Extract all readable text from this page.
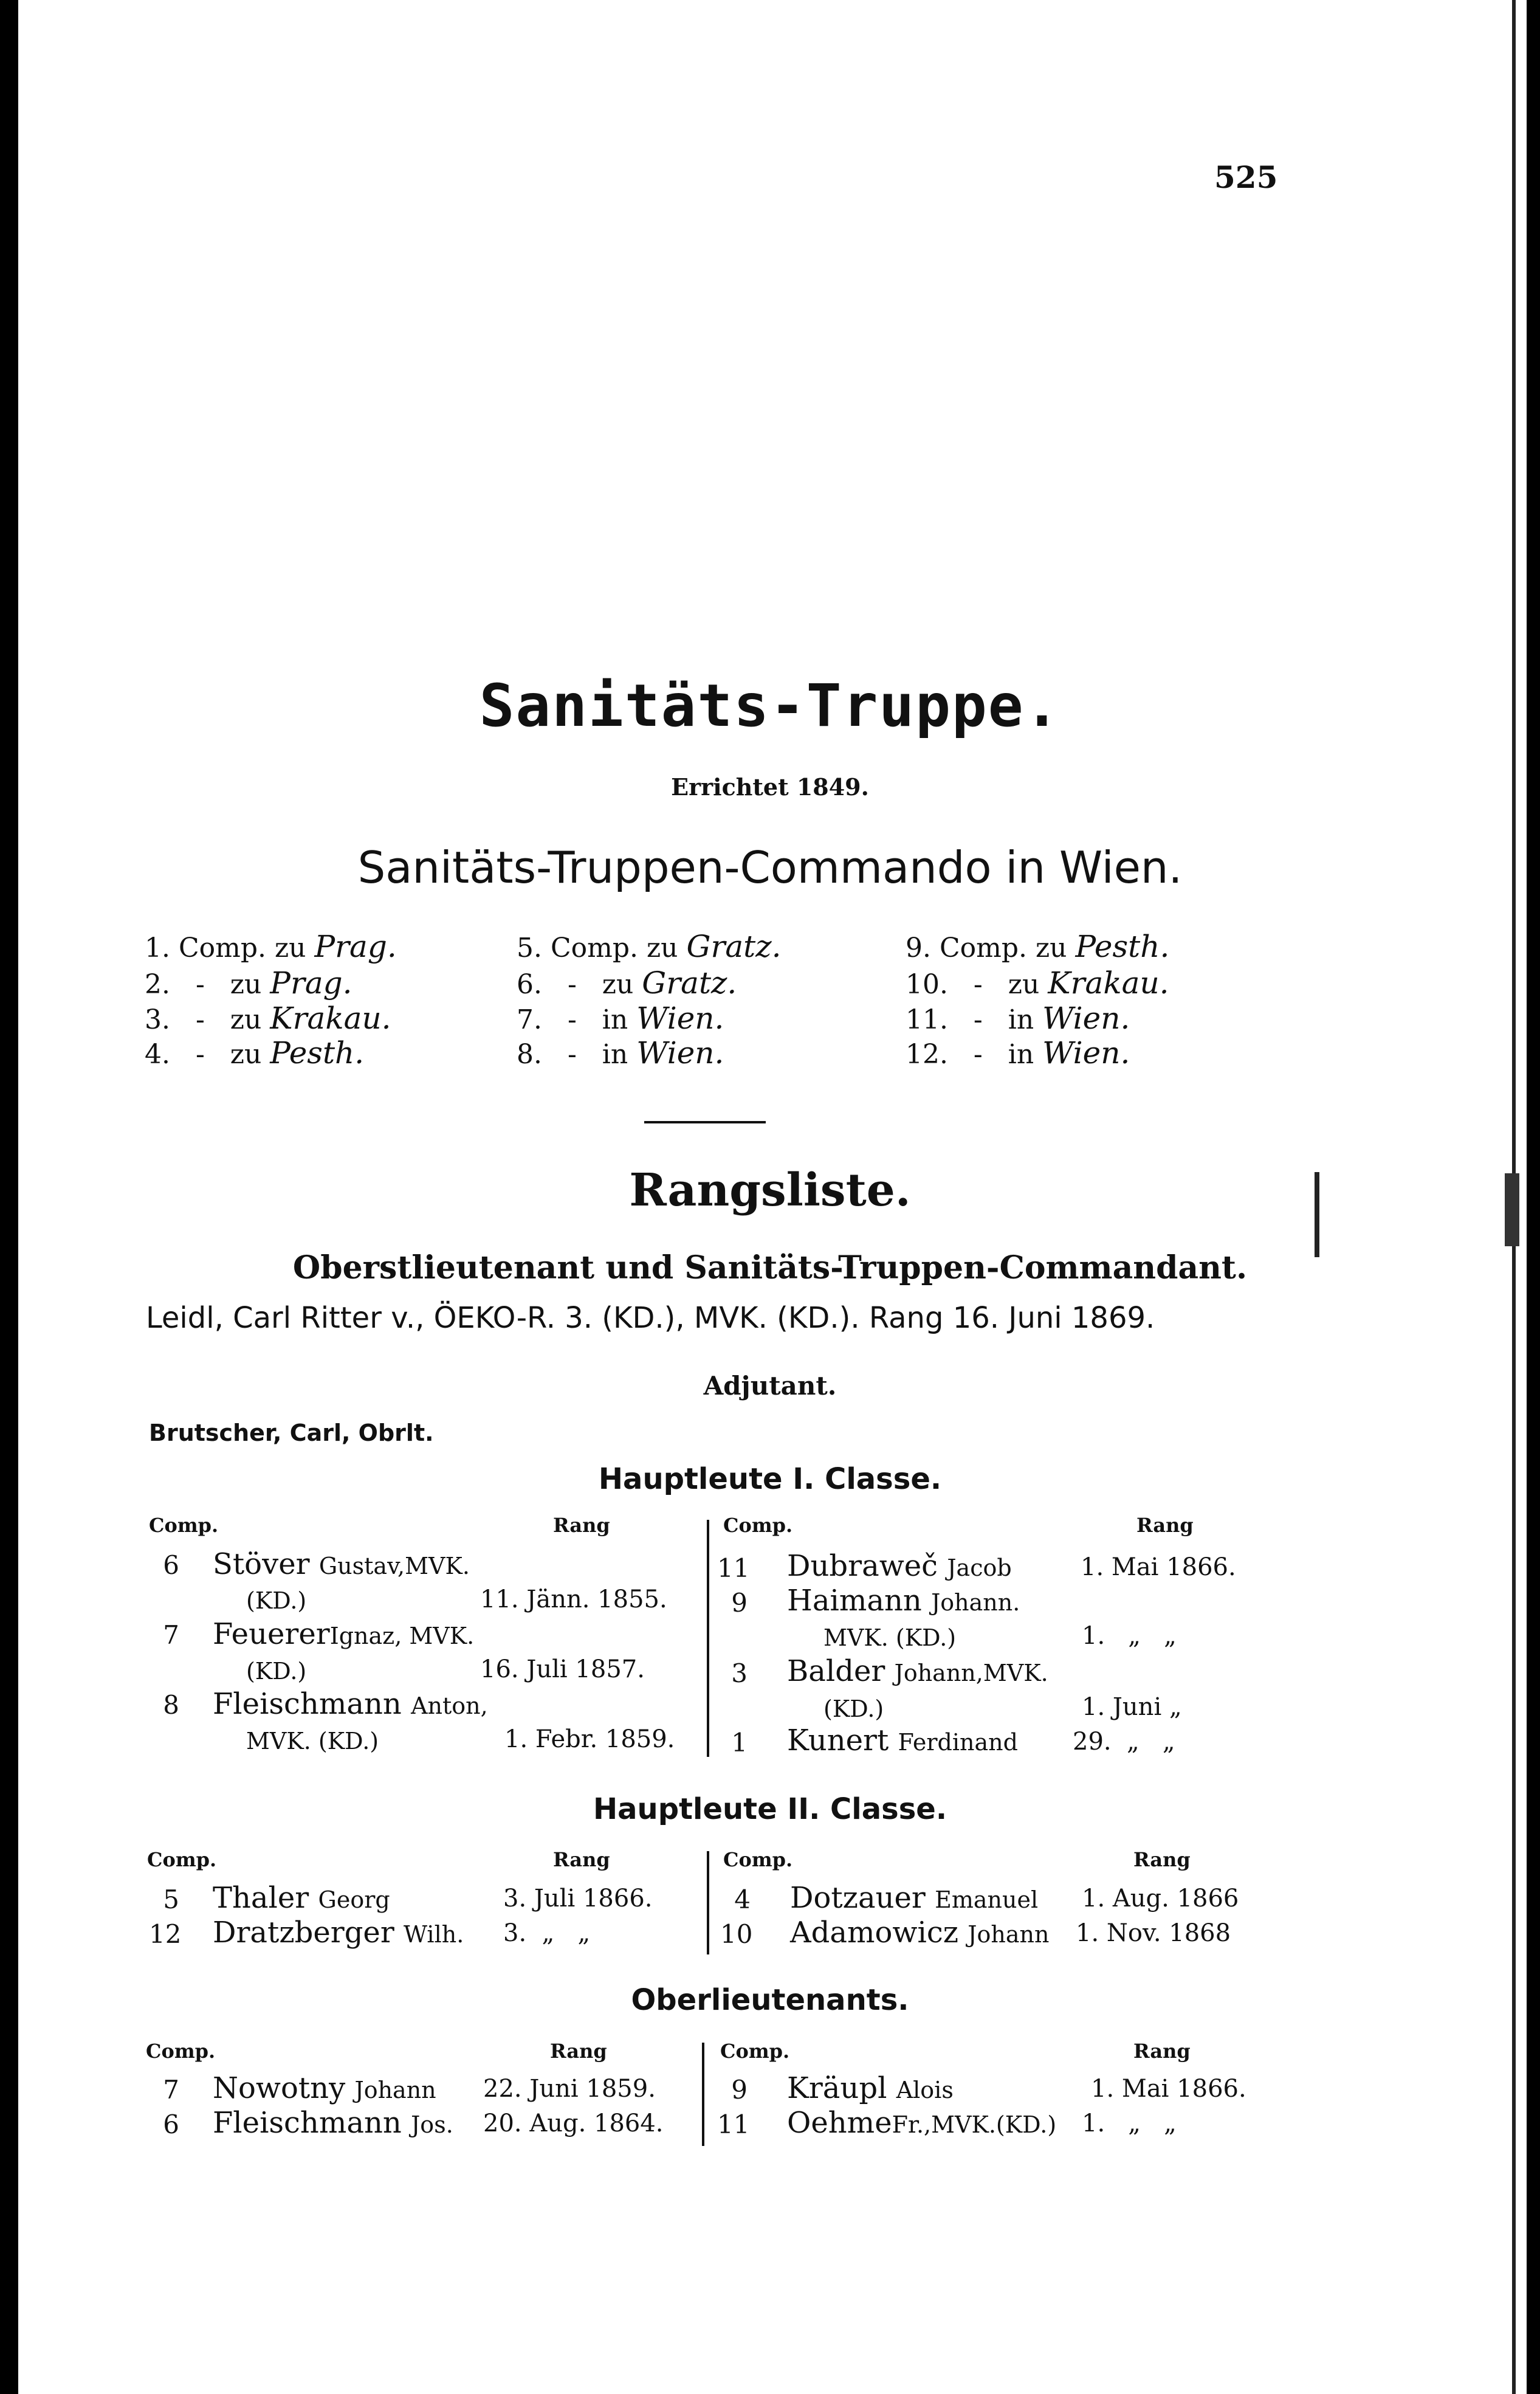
525
Sanitäts-Truppe.
Errichtet 1849.
Sanitäts-Truppen-Commando in Wien.
1. Comp. zu Prag.
2.   -   zu Prag.
3.   -   zu Krakau.
4.   -   zu Pesth.
5. Comp. zu Gratz.
6.   -   zu Gratz.
7.   -   in Wien.
8.   -   in Wien.
9. Comp. zu Pesth.
10.   -   zu Krakau.
11.   -   in Wien.
12.   -   in Wien.
Rangsliste.
Oberstlieutenant und Sanitäts-Truppen-Commandant.
Leidl, Carl Ritter v., ÖEKO-R. 3. (KD.), MVK. (KD.). Rang 16. Juni 1869.
Adjutant.
Brutscher, Carl, Obrlt.
Hauptleute I. Classe.
Comp.	Rang	Comp.	Rang
6 Stöver Gustav,MVK.
(KD.)	11. Jänn. 1855.
7 FeuererIgnaz, MVK.
(KD.)	16. Juli 1857.
8 Fleischmann Anton,
MVK. (KD.)	1. Febr. 1859.
11 Dubraweč Jacob	1. Mai 1866.
9 Haimann Johann.
MVK. (KD.)	1.   „   „
3 Balder Johann,MVK.
(KD.)	1. Juni „
1 Kunert Ferdinand 29.  „   „
Hauptleute II. Classe.
Comp.	Rang	Comp.	Rang
5 Thaler Georg	3. Juli 1866.
12 Dratzberger Wilh. 3.  „   „
4 Dotzauer Emanuel 1. Aug. 1866
10 Adamowicz Johann 1. Nov. 1868
Oberlieutenants.
Comp.	Rang	Comp.	Rang
7 Nowotny Johann 22. Juni 1859.
6 Fleischmann Jos. 20. Aug. 1864.
9 Kräupl Alois	1. Mai 1866.
11 OehmeFr.,MVK.(KD.) 1.   „   „
